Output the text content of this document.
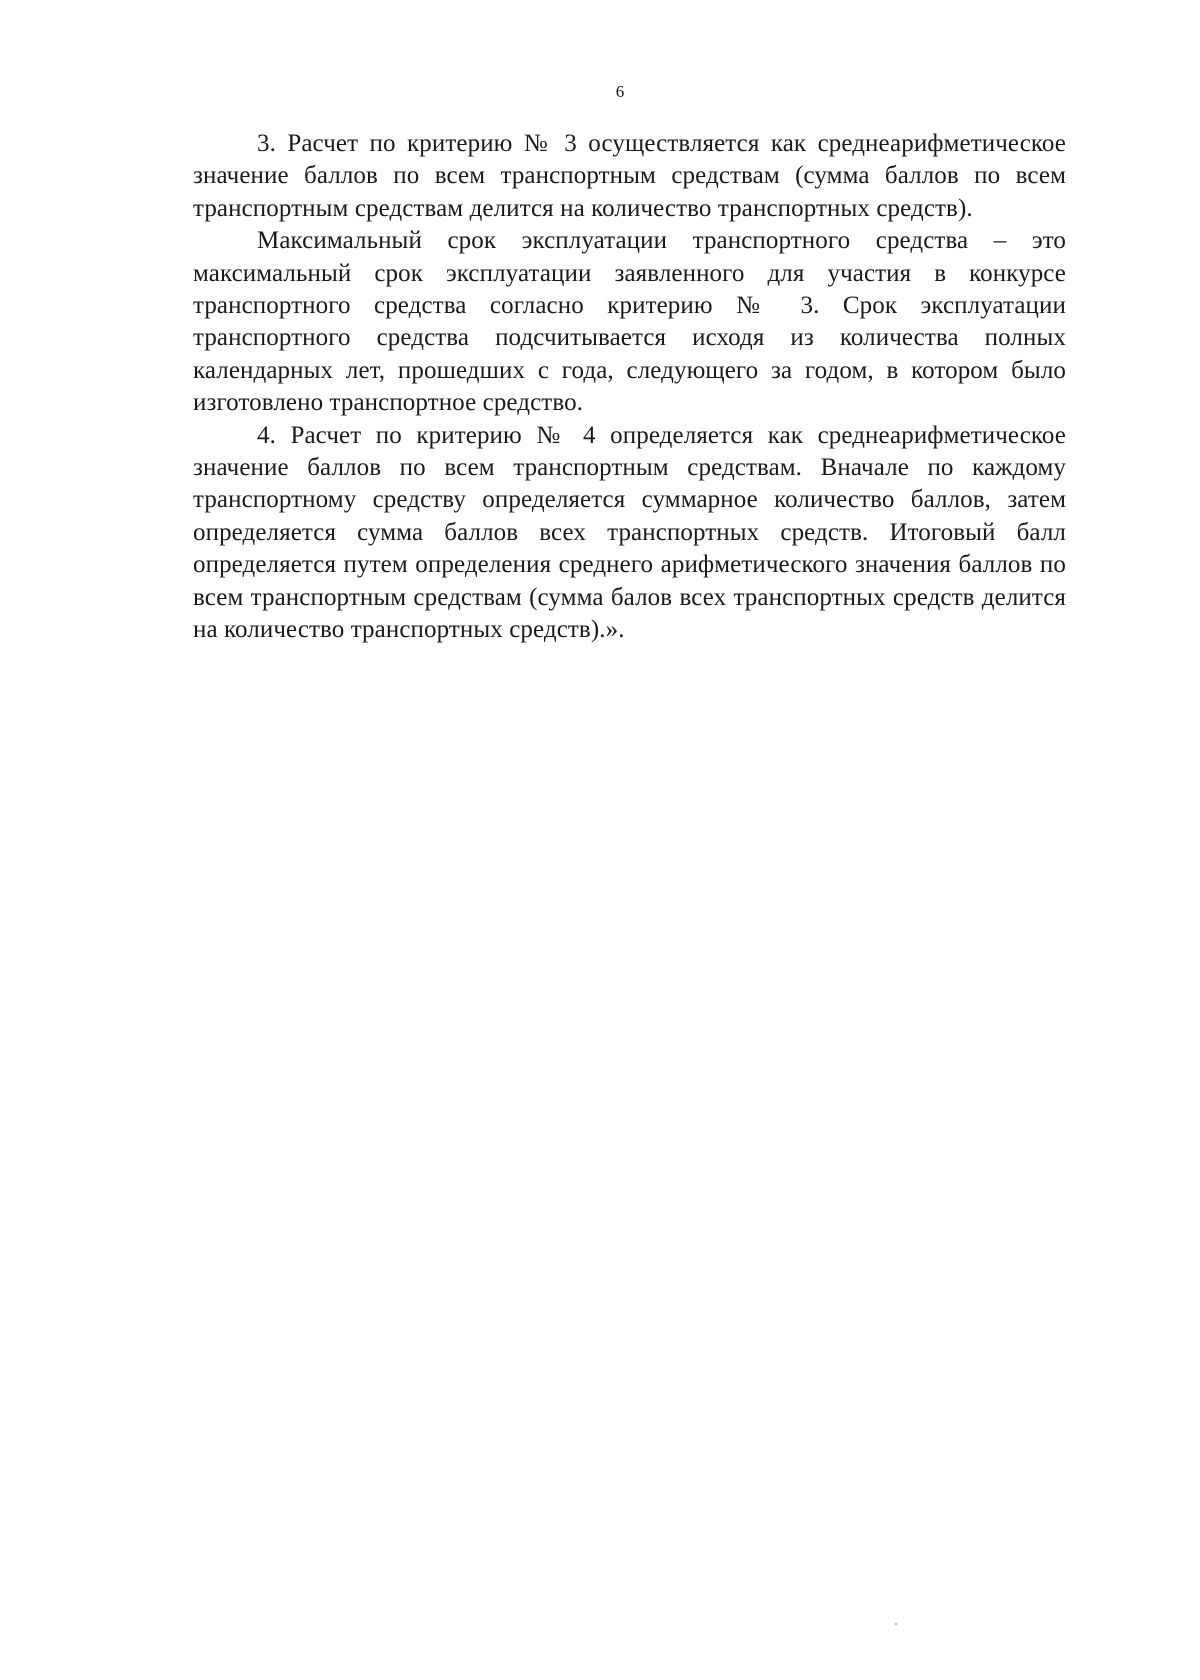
6

3. Расчет по критерию № 3 осуществляется как среднеарифметическое значение баллов по всем транспортным средствам (сумма баллов по всем транспортным средствам делится на количество транспортных средств).

Максимальный срок эксплуатации транспортного средства – это максимальный срок эксплуатации заявленного для участия в конкурсе транспортного средства согласно критерию № 3. Срок эксплуатации транспортного средства подсчитывается исходя из количества полных календарных лет, прошедших с года, следующего за годом, в котором было изготовлено транспортное средство.

4. Расчет по критерию № 4 определяется как среднеарифметическое значение баллов по всем транспортным средствам. Вначале по каждому транспортному средству определяется суммарное количество баллов, затем определяется сумма баллов всех транспортных средств. Итоговый балл определяется путем определения среднего арифметического значения баллов по всем транспортным средствам (сумма балов всех транспортных средств делится на количество транспортных средств).».
